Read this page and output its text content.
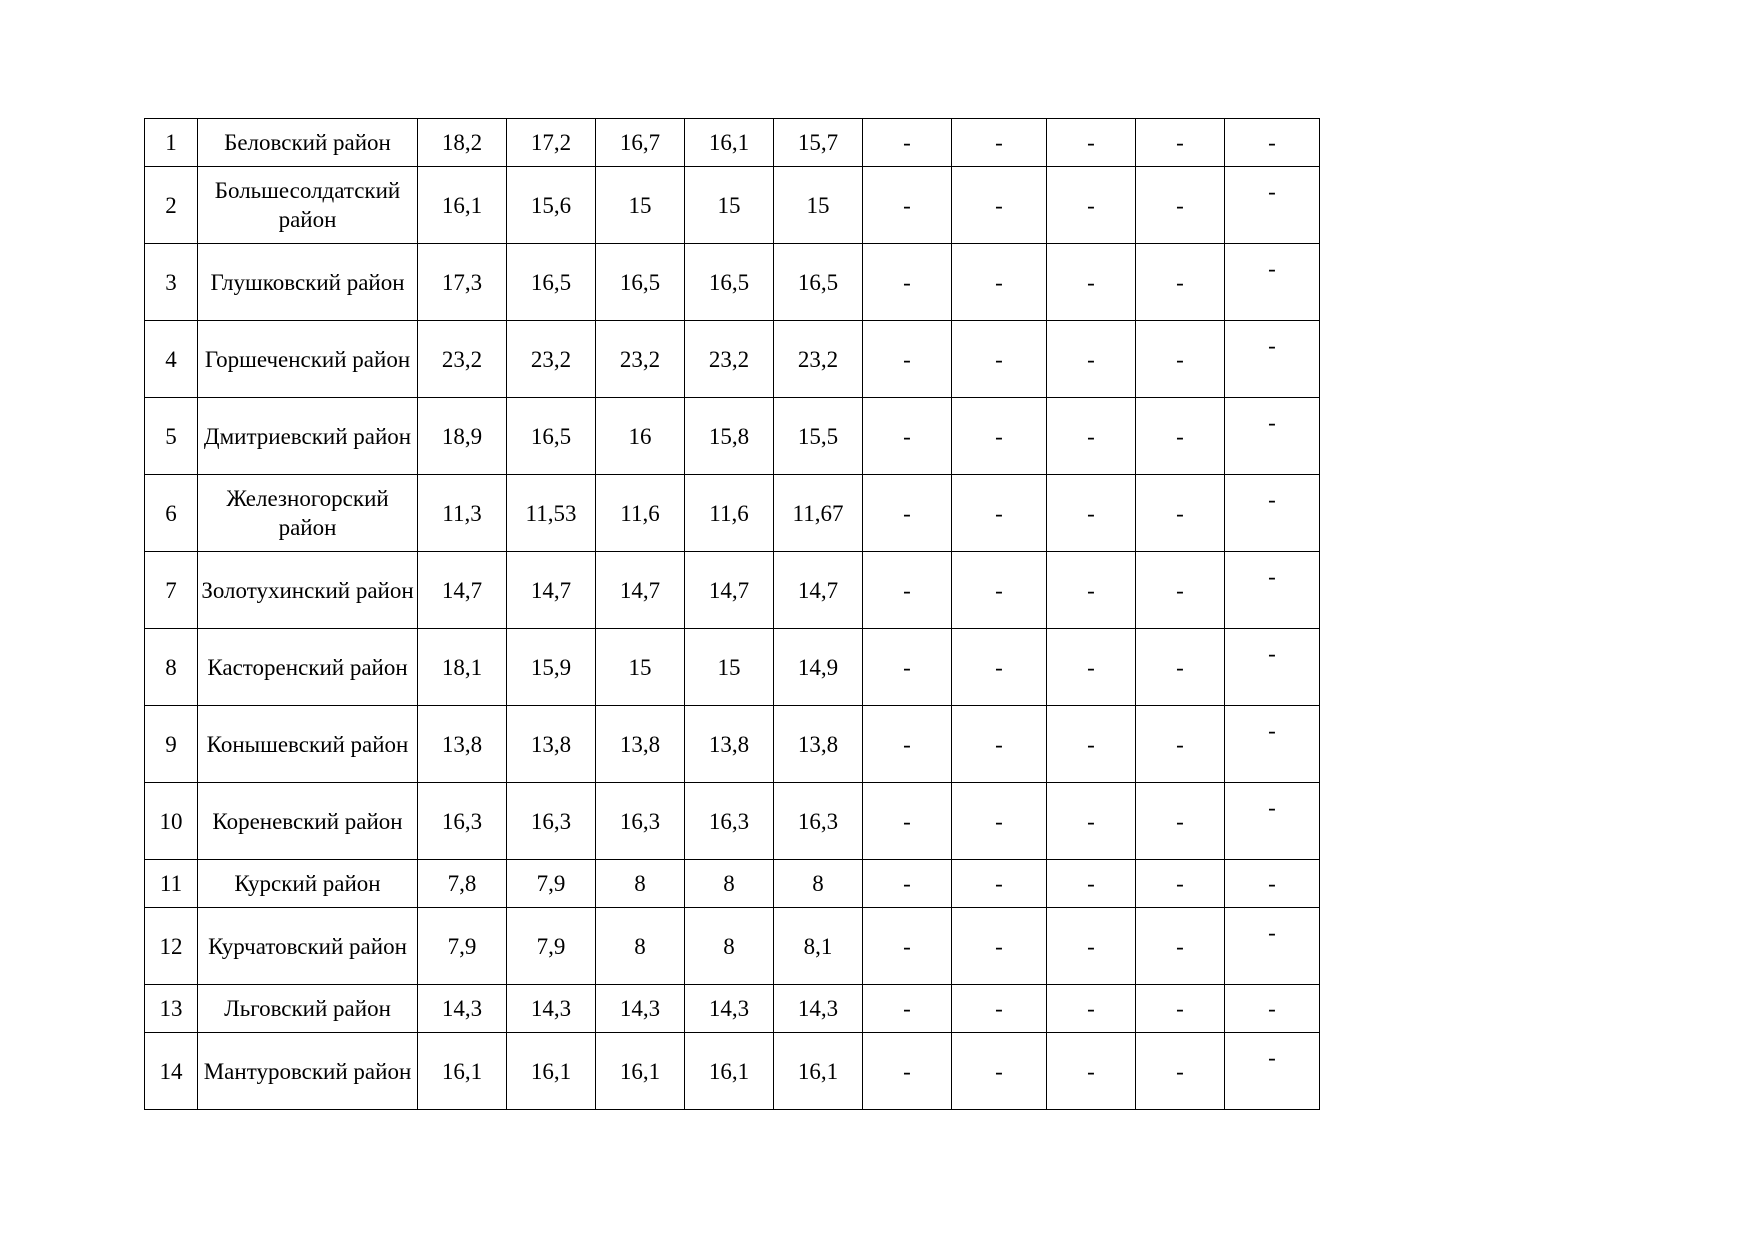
1	Беловский район	18,2	17,2	16,7	16,1	15,7	-	-	-	-	-
2	Большесолдатский район	16,1	15,6	15	15	15	-	-	-	-	-

3	Глушковский район	17,3	16,5	16,5	16,5	16,5	-	-	-	-	-

4	Горшеченский район	23,2	23,2	23,2	23,2	23,2	-	-	-	-	-

5	Дмитриевский район	18,9	16,5	16	15,8	15,5	-	-	-	-	-

6	Железногорский район	11,3	11,53	11,6	11,6	11,67	-	-	-	-	-

7	Золотухинский район	14,7	14,7	14,7	14,7	14,7	-	-	-	-	-

8	Касторенский район	18,1	15,9	15	15	14,9	-	-	-	-	-

9	Конышевский район	13,8	13,8	13,8	13,8	13,8	-	-	-	-	-

10	Кореневский район	16,3	16,3	16,3	16,3	16,3	-	-	-	-	-

11	Курский район	7,8	7,9	8	8	8	-	-	-	-	-
12	Курчатовский район	7,9	7,9	8	8	8,1	-	-	-	-	-

13	Льговский район	14,3	14,3	14,3	14,3	14,3	-	-	-	-	-
14	Мантуровский район	16,1	16,1	16,1	16,1	16,1	-	-	-	-	-
